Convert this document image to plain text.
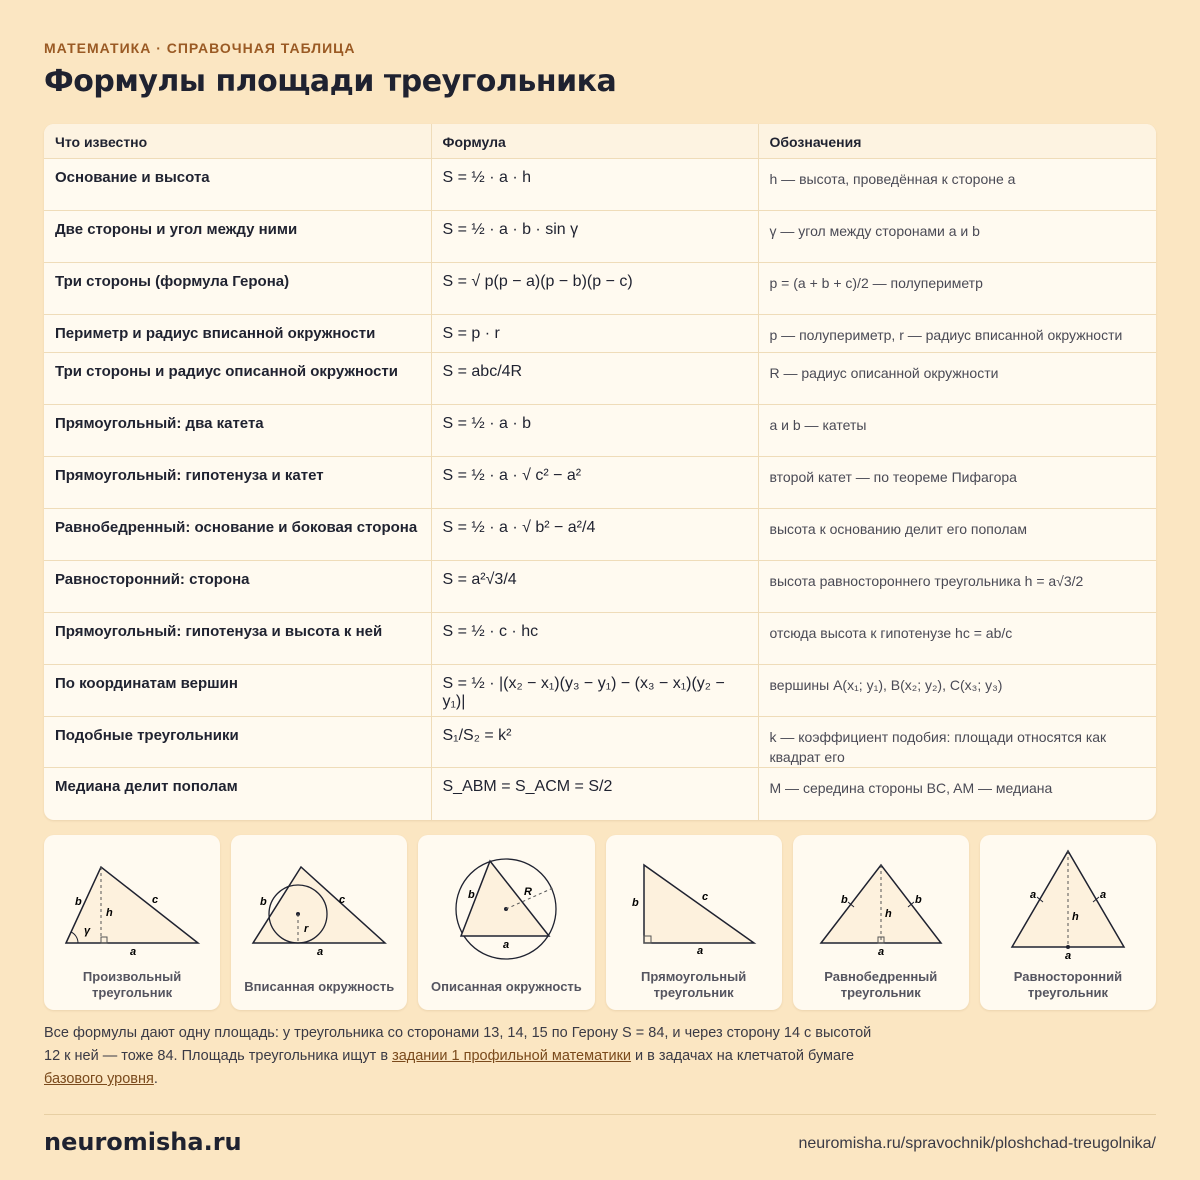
МАТЕМАТИКА · СПРАВОЧНАЯ ТАБЛИЦА
Формулы площади треугольника
Что известно	Формула	Обозначения
Основание и высота	S = ½ · a · h	h — высота, проведённая к стороне a
Две стороны и угол между ними	S = ½ · a · b · sin γ	γ — угол между сторонами a и b
Три стороны (формула Герона)	S = √ p(p − a)(p − b)(p − c)	p = (a + b + c)/2 — полупериметр
Периметр и радиус вписанной окружности	S = p · r	p — полупериметр, r — радиус вписанной окружности
Три стороны и радиус описанной окружности	S = abc/4R	R — радиус описанной окружности
Прямоугольный: два катета	S = ½ · a · b	a и b — катеты
Прямоугольный: гипотенуза и катет	S = ½ · a · √ c² − a²	второй катет — по теореме Пифагора
Равнобедренный: основание и боковая сторона	S = ½ · a · √ b² − a²/4	высота к основанию делит его пополам
Равносторонний: сторона	S = a²√3/4	высота равностороннего треугольника h = a√3/2
Прямоугольный: гипотенуза и высота к ней	S = ½ · c · hc	отсюда высота к гипотенузе hc = ab/c
По координатам вершин	S = ½ · |(x₂ − x₁)(y₃ − y₁) − (x₃ − x₁)(y₂ − y₁)|	вершины A(x₁; y₁), B(x₂; y₂), C(x₃; y₃)
Подобные треугольники	S₁/S₂ = k²	k — коэффициент подобия: площади относятся как квадрат его
Медиана делит пополам	S_ABM = S_ACM = S/2	M — середина стороны BC, AM — медиана
b	c
h
γ
a
Произвольный
треугольник
b	c
r
a
Вписанная окружность
b	R
a
Описанная окружность
b	c
a
Прямоугольный
треугольник
b	b
h
a
Равнобедренный
треугольник
a	a
h
a
Равносторонний
треугольник
Все формулы дают одну площадь: у треугольника со сторонами 13, 14, 15 по Герону S = 84, и через сторону 14 с высотой 12 к ней — тоже 84. Площадь треугольника ищут в задании 1 профильной математики и в задачах на клетчатой бумаге базового уровня.
neuromisha.ru	neuromisha.ru/spravochnik/ploshchad-treugolnika/
